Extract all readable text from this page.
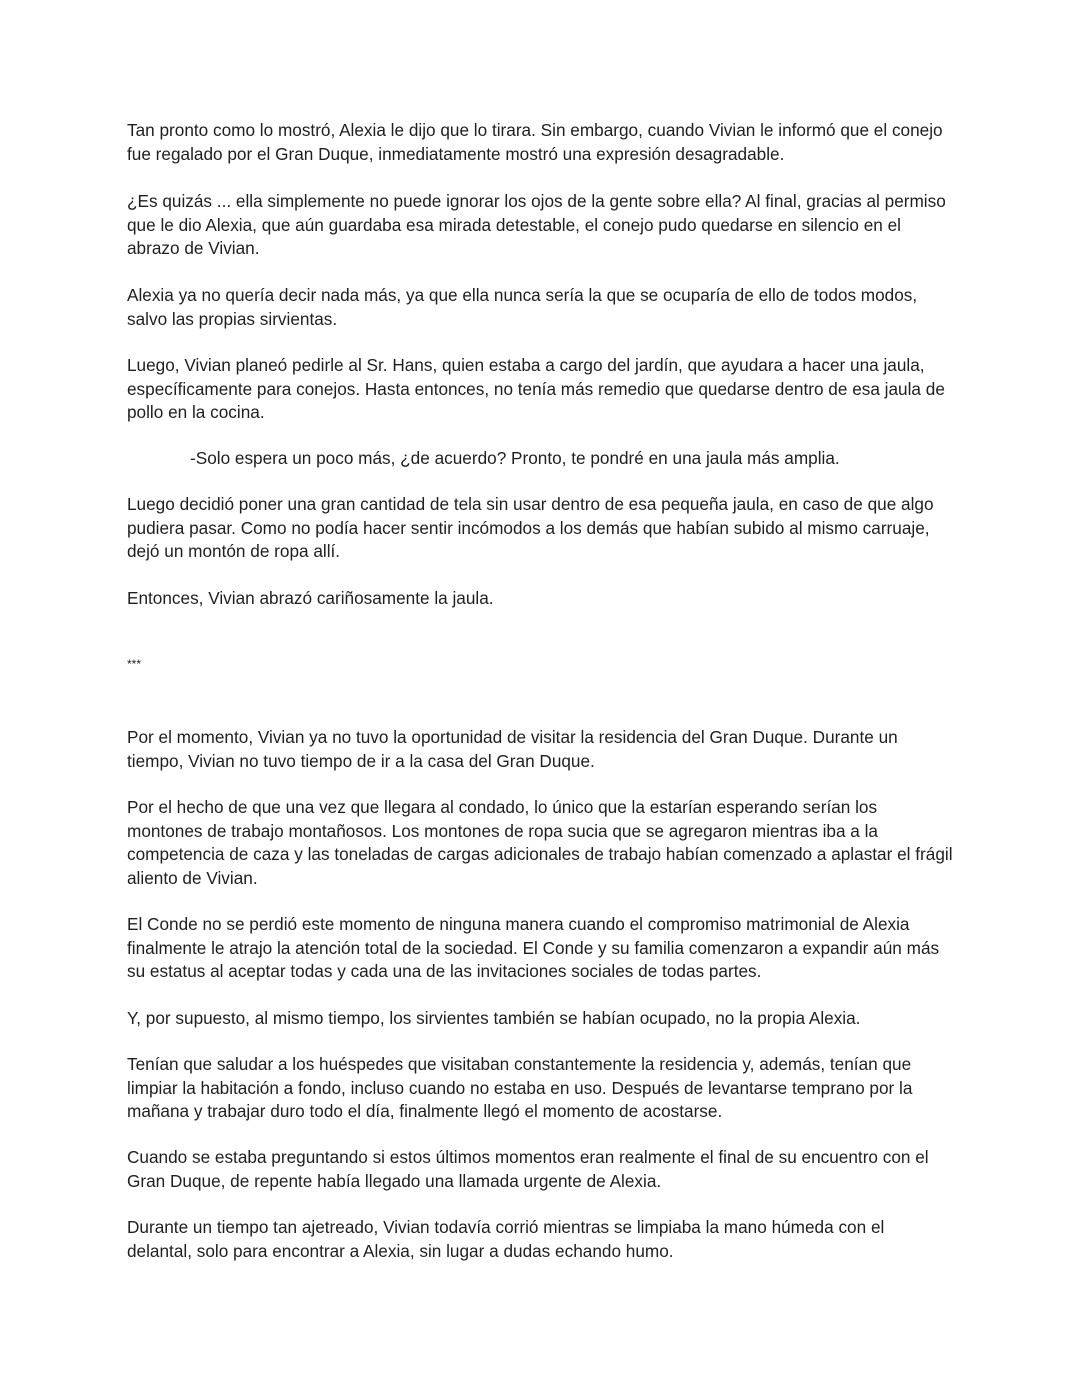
Tan pronto como lo mostró, Alexia le dijo que lo tirara. Sin embargo, cuando Vivian le informó que el conejo fue regalado por el Gran Duque, inmediatamente mostró una expresión desagradable.
¿Es quizás ... ella simplemente no puede ignorar los ojos de la gente sobre ella? Al final, gracias al permiso que le dio Alexia, que aún guardaba esa mirada detestable, el conejo pudo quedarse en silencio en el abrazo de Vivian.
Alexia ya no quería decir nada más, ya que ella nunca sería la que se ocuparía de ello de todos modos, salvo las propias sirvientas.
Luego, Vivian planeó pedirle al Sr. Hans, quien estaba a cargo del jardín, que ayudara a hacer una jaula, específicamente para conejos. Hasta entonces, no tenía más remedio que quedarse dentro de esa jaula de pollo en la cocina.
-Solo espera un poco más, ¿de acuerdo? Pronto, te pondré en una jaula más amplia.
Luego decidió poner una gran cantidad de tela sin usar dentro de esa pequeña jaula, en caso de que algo pudiera pasar. Como no podía hacer sentir incómodos a los demás que habían subido al mismo carruaje, dejó un montón de ropa allí.
Entonces, Vivian abrazó cariñosamente la jaula.
***
Por el momento, Vivian ya no tuvo la oportunidad de visitar la residencia del Gran Duque. Durante un tiempo, Vivian no tuvo tiempo de ir a la casa del Gran Duque.
Por el hecho de que una vez que llegara al condado, lo único que la estarían esperando serían los montones de trabajo montañosos. Los montones de ropa sucia que se agregaron mientras iba a la competencia de caza y las toneladas de cargas adicionales de trabajo habían comenzado a aplastar el frágil aliento de Vivian.
El Conde no se perdió este momento de ninguna manera cuando el compromiso matrimonial de Alexia finalmente le atrajo la atención total de la sociedad. El Conde y su familia comenzaron a expandir aún más su estatus al aceptar todas y cada una de las invitaciones sociales de todas partes.
Y, por supuesto, al mismo tiempo, los sirvientes también se habían ocupado, no la propia Alexia.
Tenían que saludar a los huéspedes que visitaban constantemente la residencia y, además, tenían que limpiar la habitación a fondo, incluso cuando no estaba en uso. Después de levantarse temprano por la mañana y trabajar duro todo el día, finalmente llegó el momento de acostarse.
Cuando se estaba preguntando si estos últimos momentos eran realmente el final de su encuentro con el Gran Duque, de repente había llegado una llamada urgente de Alexia.
Durante un tiempo tan ajetreado, Vivian todavía corrió mientras se limpiaba la mano húmeda con el delantal, solo para encontrar a Alexia, sin lugar a dudas echando humo.
